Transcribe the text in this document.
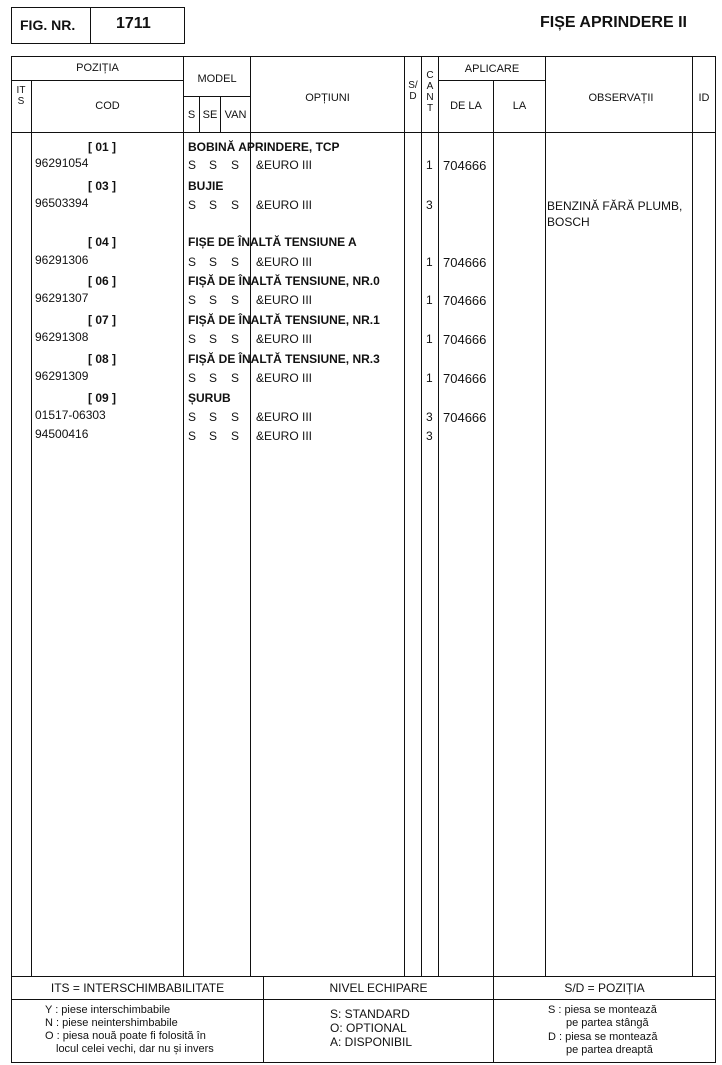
FIG. NR.	1711	FIȘE APRINDERE II
POZIȚIA
ITS	COD
MODEL
S SE VAN
OPȚIUNI
S/D
CANT
APLICARE
DE LA	LA
OBSERVAȚII	ID
[ 01 ]	BOBINĂ APRINDERE, TCP
96291054	S S S &EURO III	1 704666
[ 03 ]	BUJIE
96503394	S S S &EURO III	3	BENZINĂ FĂRĂ PLUMB, BOSCH
[ 04 ]	FIȘE DE ÎNALTĂ TENSIUNE A
96291306	S S S &EURO III	1 704666
[ 06 ]	FIȘĂ DE ÎNALTĂ TENSIUNE, NR.0
96291307	S S S &EURO III	1 704666
[ 07 ]	FIȘĂ DE ÎNALTĂ TENSIUNE, NR.1
96291308	S S S &EURO III	1 704666
[ 08 ]	FIȘĂ DE ÎNALTĂ TENSIUNE, NR.3
96291309	S S S &EURO III	1 704666
[ 09 ]	ȘURUB
01517-06303	S S S &EURO III	3 704666
94500416	S S S &EURO III	3
ITS = INTERSCHIMBABILITATE
Y : piese interschimbabile
N : piese neintershimbabile
O : piesa nouă poate fi folosită în
locul celei vechi, dar nu și invers
NIVEL ECHIPARE
S: STANDARD
O: OPTIONAL
A: DISPONIBIL
S/D = POZIȚIA
S : piesa se montează
pe partea stângă
D : piesa se montează
pe partea dreaptă
